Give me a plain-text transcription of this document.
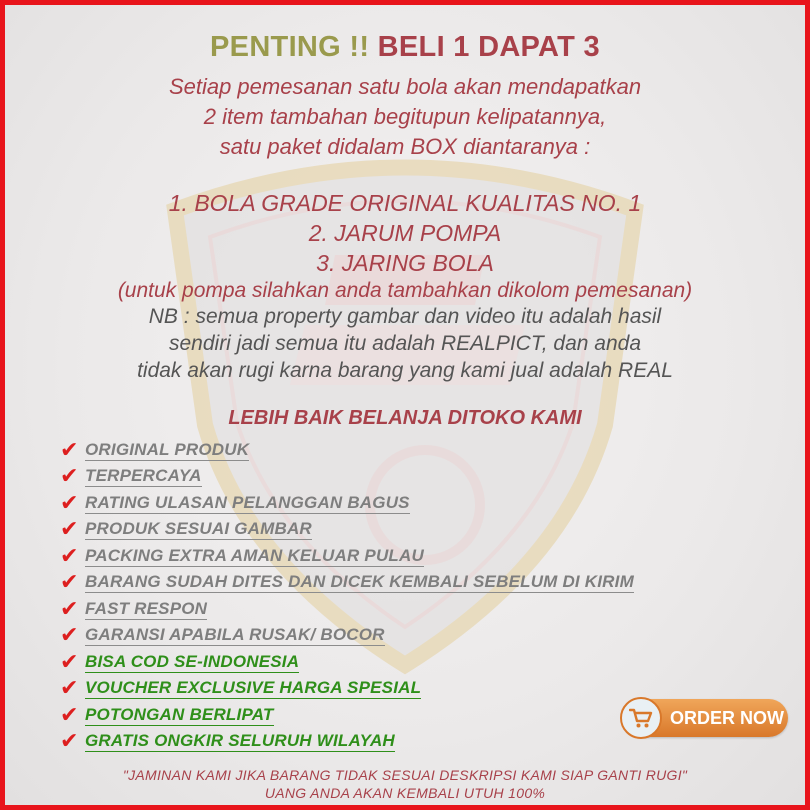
PENTING !! BELI 1 DAPAT 3
Setiap pemesanan satu bola akan mendapatkan
2 item tambahan begitupun kelipatannya,
satu paket didalam BOX diantaranya :
1. BOLA GRADE ORIGINAL KUALITAS NO. 1
2. JARUM POMPA
3. JARING BOLA
(untuk pompa silahkan anda tambahkan dikolom pemesanan)
NB : semua property gambar dan video itu adalah hasil
sendiri jadi semua itu adalah REALPICT, dan anda
tidak akan rugi karna barang yang kami jual adalah REAL
LEBIH BAIK BELANJA DITOKO KAMI
✔ ORIGINAL PRODUK
✔ TERPERCAYA
✔ RATING ULASAN PELANGGAN BAGUS
✔ PRODUK SESUAI GAMBAR
✔ PACKING EXTRA AMAN KELUAR PULAU
✔ BARANG SUDAH DITES DAN DICEK KEMBALI SEBELUM DI KIRIM
✔ FAST RESPON
✔ GARANSI APABILA RUSAK/ BOCOR
✔ BISA COD SE-INDONESIA
✔ VOUCHER EXCLUSIVE HARGA SPESIAL
✔ POTONGAN BERLIPAT
✔ GRATIS ONGKIR SELURUH WILAYAH
ORDER NOW
"JAMINAN KAMI JIKA BARANG TIDAK SESUAI DESKRIPSI KAMI SIAP GANTI RUGI"
UANG ANDA AKAN KEMBALI UTUH 100%
